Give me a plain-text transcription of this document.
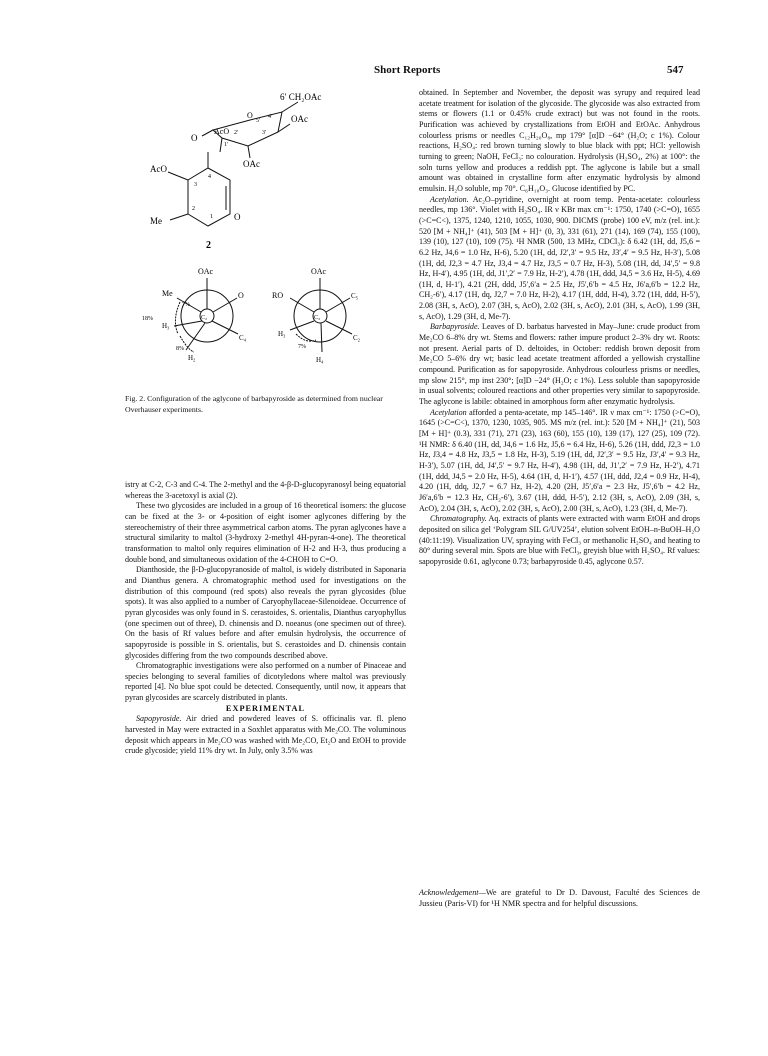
Short Reports	547
6′ CH₂OAc
OAc
OAc
AcO
O
O
5′
4′
3′
2′
1′
AcO
Me	O
3
4
2
1
2
OAc
Me	O
C₂
H₃
C₄
H₂
18%
7%
8%
OAc
RO	C₅
C₃
H₃	C₂
H₄
7%
Fig. 2. Configuration of the aglycone of barbapyroside as determined from nuclear Overhauser experiments.

istry at C-2, C-3 and C-4. The 2-methyl and the 4-β-D-glucopyranosyl being equatorial whereas the 3-acetoxyl is axial (2).

These two glycosides are included in a group of 16 theoretical isomers: the glucose can be fixed at the 3- or 4-position of eight isomer aglycones differing by the stereochemistry of their three asymmetrical carbon atoms. The pyran aglycones have a structural similarity to maltol (3-hydroxy 2-methyl 4H-pyran-4-one). The theoretical transformation to maltol only requires elimination of H-2 and H-3, thus producing a double bond, and simultaneous oxidation of the 4-CHOH to C=O.

Dianthoside, the β-D-glucopyranoside of maltol, is widely distributed in Saponaria and Dianthus genera. A chromatographic method used for investigations on the distribution of this compound (red spots) also reveals the pyran glycosides (blue spots). It was also applied to a number of Caryophyllaceae-Silenoideae. Occurrence of pyran glycosides was only found in S. cerastoides, S. orientalis, Dianthus caryophyllus (one specimen out of three), D. chinensis and D. noeanus (one specimen out of three). On the basis of Rf values before and after emulsin hydrolysis, the occurrence of sapopyroside is possible in S. orientalis, but S. cerastoides and D. chinensis contain glycosides differing from the two compounds described above.

Chromatographic investigations were also performed on a number of Pinaceae and species belonging to several families of dicotyledons where maltol was previously reported [4]. No blue spot could be detected. Consequently, until now, it appears that pyran glycosides are scarcely distributed in plants.

EXPERIMENTAL

Sapopyroside. Air dried and powdered leaves of S. officinalis var. fl. pleno harvested in May were extracted in a Soxhlet apparatus with Me₂CO. The voluminous deposit which appears in Me₂CO was washed with Me₂CO, Et₂O and EtOH to provide crude glycoside; yield 11% dry wt. In July, only 3.5% was

obtained. In September and November, the deposit was syrupy and required lead acetate treatment for isolation of the glycoside. The glycoside was also extracted from stems or flowers (1.1 or 0.45% crude extract) but was not found in the roots. Purification was achieved by crystallizations from EtOH and EtOAc. Anhydrous colourless prisms or needles C₁₂H₂₀O₈, mp 179° [α]D −64° (H₂O; c 1%). Colour reactions, H₂SO₄: red brown turning slowly to blue black with ppt; HCl: yellowish turning to green; NaOH, FeCl₃: no colouration. Hydrolysis (H₂SO₄, 2%) at 100°: the soln turns yellow and produces a reddish ppt. The aglycone is labile but a small amount was obtained in crystalline form after enzymatic hydrolysis by almond emulsin. H₂O soluble, mp 70°. C₆H₁₀O₃. Glucose identified by PC.

Acetylation. Ac₂O–pyridine, overnight at room temp. Penta-acetate: colourless needles, mp 136°. Violet with H₂SO₄. IR ν KBr max cm⁻¹: 1750, 1740 (>C=O), 1655 (>C=C<), 1375, 1240, 1210, 1055, 1030, 900. DICMS (probe) 100 eV, m/z (rel. int.): 520 [M + NH₄]⁺ (41), 503 [M + H]⁺ (0, 3), 331 (61), 271 (14), 169 (74), 155 (100), 139 (10), 127 (10), 109 (75). ¹H NMR (500, 13 MHz, CDCl₃): δ 6.42 (1H, dd, J5,6 = 6.2 Hz, J4,6 = 1.0 Hz, H-6), 5.20 (1H, dd, J2′,3′ = 9.5 Hz, J3′,4′ = 9.5 Hz, H-3′), 5.08 (1H, dd, J2,3 = 4.7 Hz, J3,4 = 4.7 Hz, J3,5 = 0.7 Hz, H-3), 5.08 (1H, dd, J4′,5′ = 9.8 Hz, H-4′), 4.95 (1H, dd, J1′,2′ = 7.9 Hz, H-2′), 4.78 (1H, ddd, J4,5 = 3.6 Hz, H-5), 4.69 (1H, d, H-1′), 4.21 (2H, ddd, J5′,6′a = 2.5 Hz, J5′,6′b = 4.5 Hz, J6′a,6′b = 12.2 Hz, CH₂-6′), 4.17 (1H, dq, J2,7 = 7.0 Hz, H-2), 4.17 (1H, ddd, H-4), 3.72 (1H, ddd, H-5′), 2.08 (3H, s, AcO), 2.07 (3H, s, AcO), 2.02 (3H, s, AcO), 2.01 (3H, s, AcO), 1.99 (3H, s, AcO), 1.29 (3H, d, Me-7).

Barbapyroside. Leaves of D. barbatus harvested in May–June: crude product from Me₂CO 6–8% dry wt. Stems and flowers: rather impure product 2–3% dry wt. Roots: not present. Aerial parts of D. deltoides, in October: reddish brown deposit from Me₂CO 5–6% dry wt; basic lead acetate treatment afforded a yellowish crystalline compound. Purification as for sapopyroside. Anhydrous colourless prisms or needles, mp slow 215°, mp inst 230°; [α]D −24° (H₂O; c 1%). Less soluble than sapopyroside in usual solvents; coloured reactions and other properties very similar to sapopyroside. The aglycone is labile: obtained in amorphous form after enzymatic hydrolysis.

Acetylation afforded a penta-acetate, mp 145–146°. IR ν max cm⁻¹: 1750 (>C=O), 1645 (>C=C<), 1370, 1230, 1035, 905. MS m/z (rel. int.): 520 [M + NH₄]⁺ (21), 503 [M + H]⁺ (0.3), 331 (71), 271 (23), 163 (60), 155 (10), 139 (17), 127 (25), 109 (72). ¹H NMR: δ 6.40 (1H, dd, J4,6 = 1.6 Hz, J5,6 = 6.4 Hz, H-6), 5.26 (1H, ddd, J2,3 = 1.0 Hz, J3,4 = 4.8 Hz, J3,5 = 1.8 Hz, H-3), 5.19 (1H, dd, J2′,3′ = 9.5 Hz, J3′,4′ = 9.3 Hz, H-3′), 5.07 (1H, dd, J4′,5′ = 9.7 Hz, H-4′), 4.98 (1H, dd, J1′,2′ = 7.9 Hz, H-2′), 4.71 (1H, ddd, J4,5 = 2.0 Hz, H-5), 4.64 (1H, d, H-1′), 4.57 (1H, ddd, J2,4 = 0.9 Hz, H-4), 4.20 (1H, ddq, J2,7 = 6.7 Hz, H-2), 4.20 (2H, J5′,6′a = 2.3 Hz, J5′,6′b = 4.2 Hz, J6′a,6′b = 12.3 Hz, CH₂-6′), 3.67 (1H, ddd, H-5′), 2.12 (3H, s, AcO), 2.09 (3H, s, AcO), 2.04 (3H, s, AcO), 2.02 (3H, s, AcO), 2.00 (3H, s, AcO), 1.23 (3H, d, Me-7).

Chromatography. Aq. extracts of plants were extracted with warm EtOH and drops deposited on silica gel ‘Polygram SIL G/UV254’, elution solvent EtOH–n-BuOH–H₂O (40:11:19). Visualization UV, spraying with FeCl₃ or methanolic H₂SO₄ and heating to 80° during several min. Spots are blue with FeCl₃, greyish blue with H₂SO₄. Rf values: sapopyroside 0.61, aglycone 0.73; barbapyroside 0.45, aglycone 0.57.

Acknowledgement—We are grateful to Dr D. Davoust, Faculté des Sciences de Jussieu (Paris-VI) for ¹H NMR spectra and for helpful discussions.
